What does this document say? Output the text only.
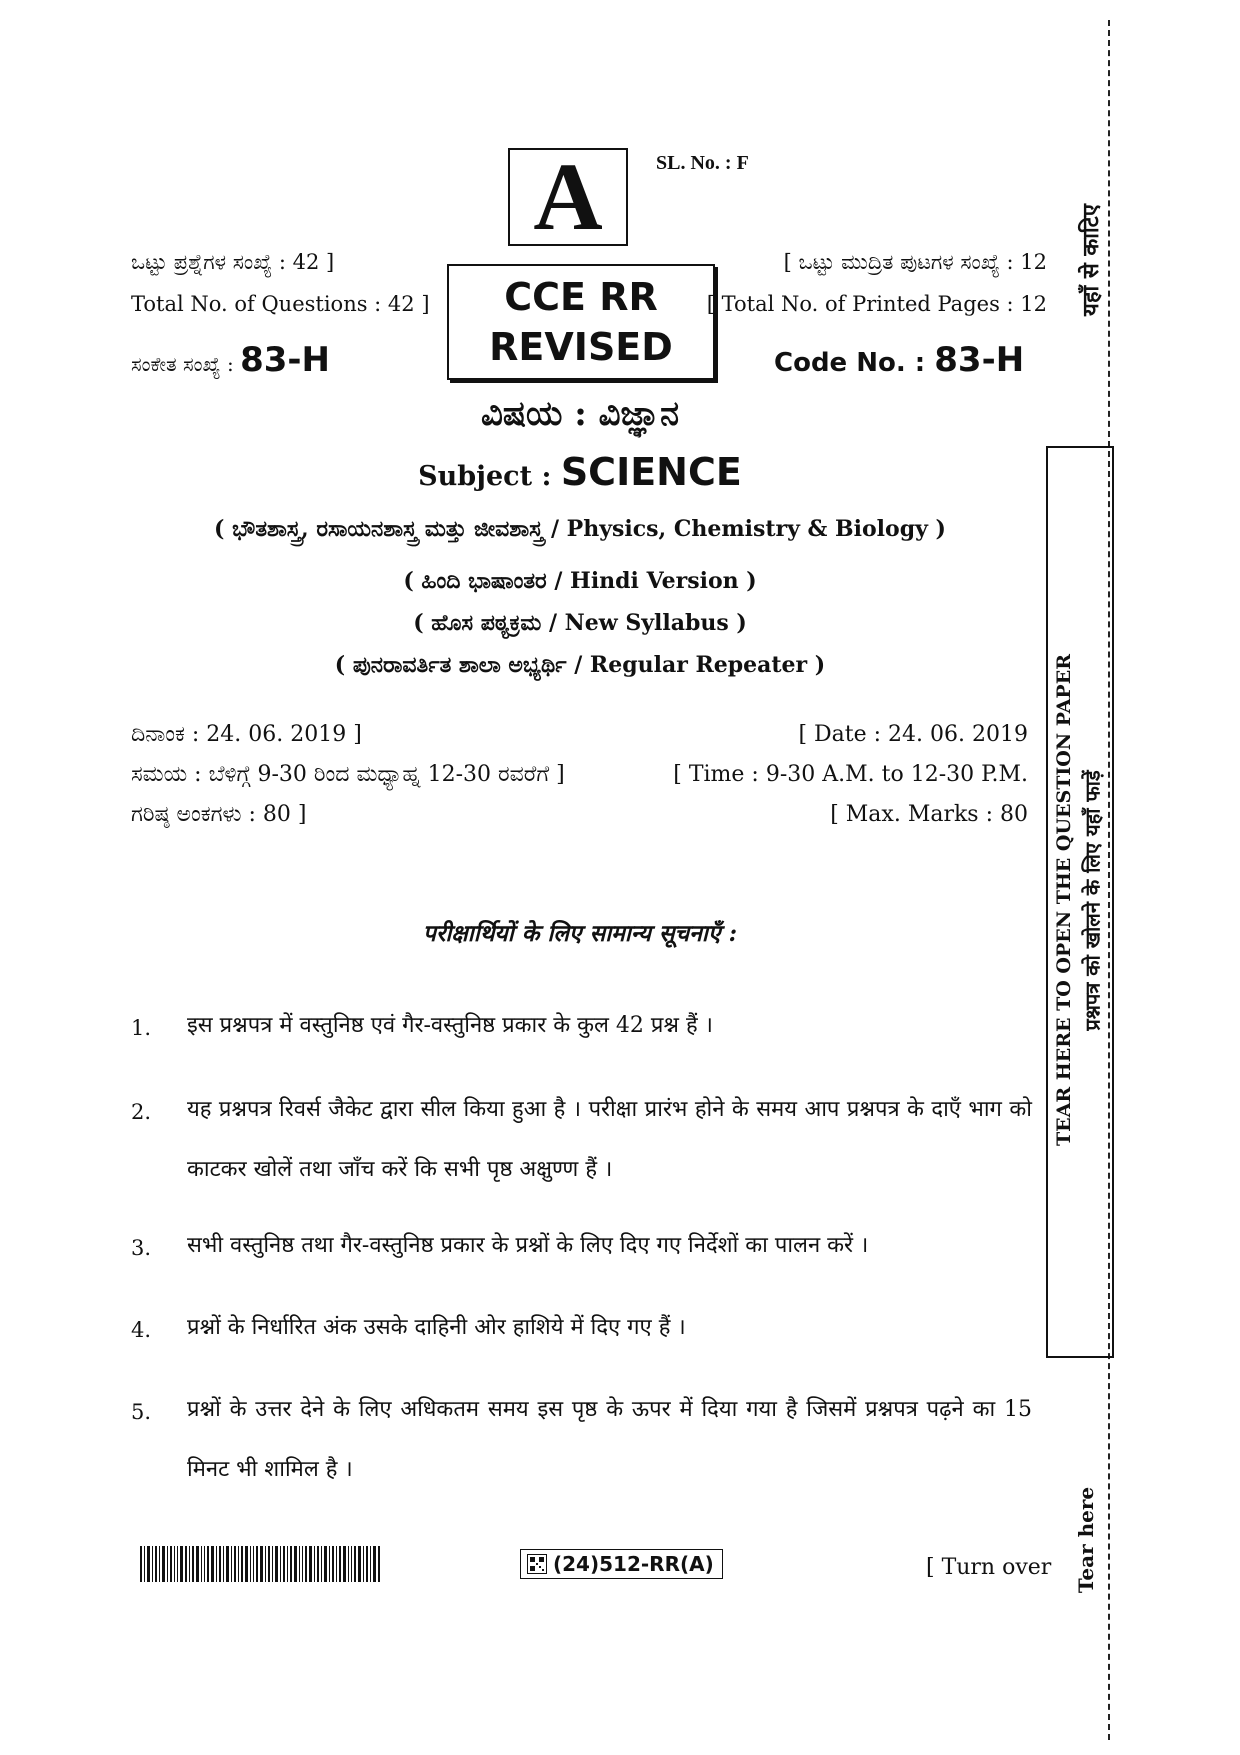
A	SL. No. : F
ಒಟ್ಟು ಪ್ರಶ್ನೆಗಳ ಸಂಖ್ಯೆ : 42 ]
Total No. of Questions : 42 ]
[ ಒಟ್ಟು ಮುದ್ರಿತ ಪುಟಗಳ ಸಂಖ್ಯೆ : 12
[ Total No. of Printed Pages : 12
CCE RR
REVISED
ಸಂಕೇತ ಸಂಖ್ಯೆ : 83-H	Code No. : 83-H
ವಿಷಯ : ವಿಜ್ಞಾನ
Subject : SCIENCE
( ಭೌತಶಾಸ್ತ್ರ, ರಸಾಯನಶಾಸ್ತ್ರ ಮತ್ತು ಜೀವಶಾಸ್ತ್ರ / Physics, Chemistry & Biology )
( ಹಿಂದಿ ಭಾಷಾಂತರ / Hindi Version )
( ಹೊಸ ಪಠ್ಯಕ್ರಮ / New Syllabus )
( ಪುನರಾವರ್ತಿತ ಶಾಲಾ ಅಭ್ಯರ್ಥಿ / Regular Repeater )
ದಿನಾಂಕ : 24. 06. 2019 ]	[ Date : 24. 06. 2019
ಸಮಯ : ಬೆಳಿಗ್ಗೆ 9-30 ರಿಂದ ಮಧ್ಯಾಹ್ನ 12-30 ರವರೆಗೆ ]	[ Time : 9-30 A.M. to 12-30 P.M.
ಗರಿಷ್ಠ ಅಂಕಗಳು : 80 ]	[ Max. Marks : 80
परीक्षार्थियों के लिए सामान्य सूचनाएँ :
1. इस प्रश्नपत्र में वस्तुनिष्ठ एवं गैर-वस्तुनिष्ठ प्रकार के कुल 42 प्रश्न हैं ।
2. यह प्रश्नपत्र रिवर्स जैकेट द्वारा सील किया हुआ है । परीक्षा प्रारंभ होने के समय आप प्रश्नपत्र के दाएँ भाग को काटकर खोलें तथा जाँच करें कि सभी पृष्ठ अक्षुण्ण हैं ।
3. सभी वस्तुनिष्ठ तथा गैर-वस्तुनिष्ठ प्रकार के प्रश्नों के लिए दिए गए निर्देशों का पालन करें ।
4. प्रश्नों के निर्धारित अंक उसके दाहिनी ओर हाशिये में दिए गए हैं ।
5. प्रश्नों के उत्तर देने के लिए अधिकतम समय इस पृष्ठ के ऊपर में दिया गया है जिसमें प्रश्नपत्र पढ़ने का 15 मिनट भी शामिल है ।
(24)512-RR(A)	[ Turn over
यहाँ से काटिए
TEAR HERE TO OPEN THE QUESTION PAPER प्रश्नपत्र को खोलने के लिए यहाँ फाड़ें
Tear here
